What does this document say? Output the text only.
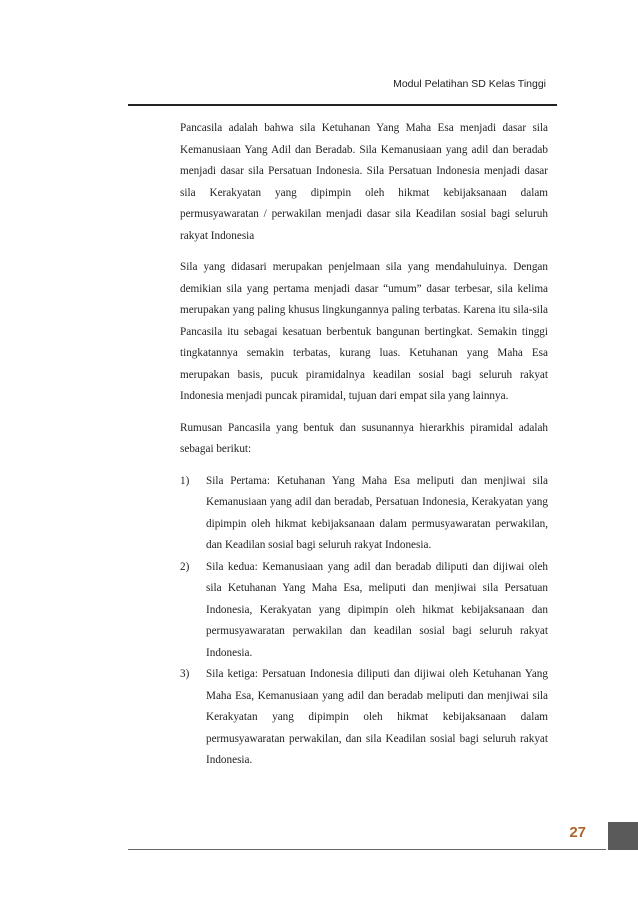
Modul Pelatihan SD Kelas Tinggi

Pancasila adalah bahwa sila Ketuhanan Yang Maha Esa menjadi dasar sila Kemanusiaan Yang Adil dan Beradab. Sila Kemanusiaan yang adil dan beradab menjadi dasar sila Persatuan Indonesia. Sila Persatuan Indonesia menjadi dasar sila Kerakyatan yang dipimpin oleh hikmat kebijaksanaan dalam permusyawaratan / perwakilan menjadi dasar sila Keadilan sosial bagi seluruh rakyat Indonesia

Sila yang didasari merupakan penjelmaan sila yang mendahuluinya. Dengan demikian sila yang pertama menjadi dasar “umum” dasar terbesar, sila kelima merupakan yang paling khusus lingkungannya paling terbatas. Karena itu sila-sila Pancasila itu sebagai kesatuan berbentuk bangunan bertingkat. Semakin tinggi tingkatannya semakin terbatas, kurang luas. Ketuhanan yang Maha Esa merupakan basis, pucuk piramidalnya keadilan sosial bagi seluruh rakyat Indonesia menjadi puncak piramidal, tujuan dari empat sila yang lainnya.

Rumusan Pancasila yang bentuk dan susunannya hierarkhis piramidal adalah sebagai berikut:

1) Sila Pertama: Ketuhanan Yang Maha Esa meliputi dan menjiwai sila Kemanusiaan yang adil dan beradab, Persatuan Indonesia, Kerakyatan yang dipimpin oleh hikmat kebijaksanaan dalam permusyawaratan perwakilan, dan Keadilan sosial bagi seluruh rakyat Indonesia.
2) Sila kedua: Kemanusiaan yang adil dan beradab diliputi dan dijiwai oleh sila Ketuhanan Yang Maha Esa, meliputi dan menjiwai sila Persatuan Indonesia, Kerakyatan yang dipimpin oleh hikmat kebijaksanaan dan permusyawaratan perwakilan dan keadilan sosial bagi seluruh rakyat Indonesia.
3) Sila ketiga: Persatuan Indonesia diliputi dan dijiwai oleh Ketuhanan Yang Maha Esa, Kemanusiaan yang adil dan beradab meliputi dan menjiwai sila Kerakyatan yang dipimpin oleh hikmat kebijaksanaan dalam permusyawaratan perwakilan, dan sila Keadilan sosial bagi seluruh rakyat Indonesia.
27
